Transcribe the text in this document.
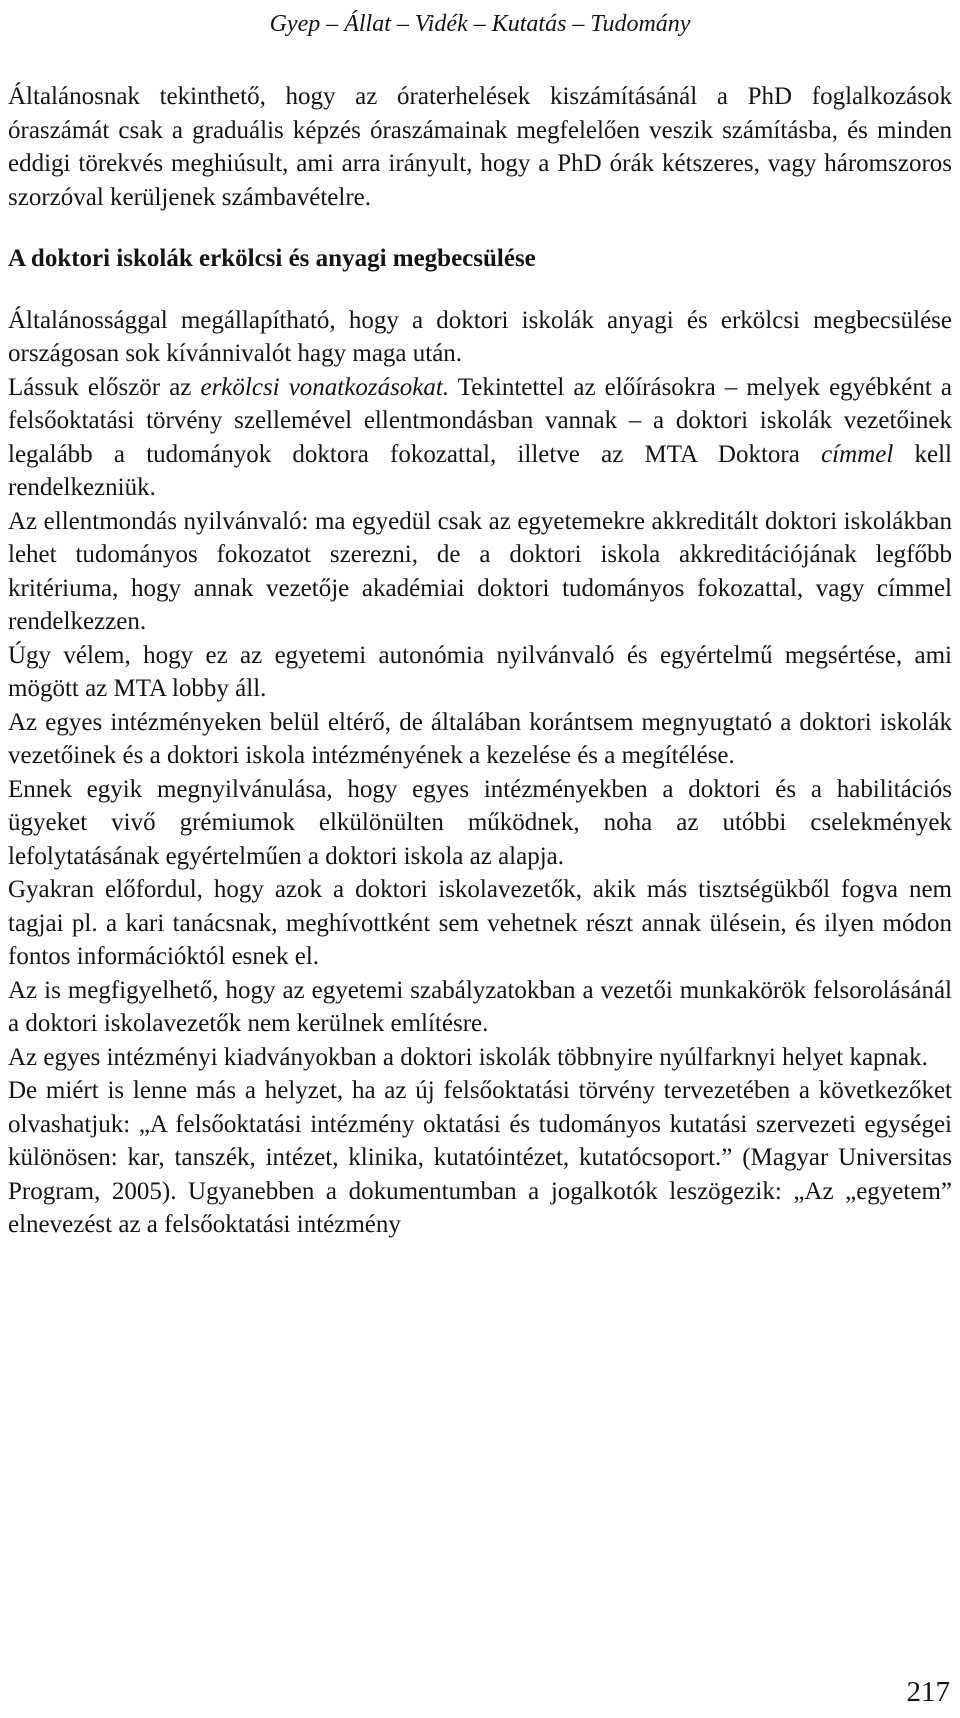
Gyep – Állat – Vidék – Kutatás – Tudomány

Általánosnak tekinthető, hogy az óraterhelések kiszámításánál a PhD foglalkozások óraszámát csak a graduális képzés óraszámainak megfelelően veszik számításba, és minden eddigi törekvés meghiúsult, ami arra irányult, hogy a PhD órák kétszeres, vagy háromszoros szorzóval kerüljenek számbavételre.

A doktori iskolák erkölcsi és anyagi megbecsülése

Általánossággal megállapítható, hogy a doktori iskolák anyagi és erkölcsi megbecsülése országosan sok kívánnivalót hagy maga után.

Lássuk először az erkölcsi vonatkozásokat. Tekintettel az előírásokra – melyek egyébként a felsőoktatási törvény szellemével ellentmondásban vannak – a doktori iskolák vezetőinek legalább a tudományok doktora fokozattal, illetve az MTA Doktora címmel kell rendelkezniük.

Az ellentmondás nyilvánvaló: ma egyedül csak az egyetemekre akkreditált doktori iskolákban lehet tudományos fokozatot szerezni, de a doktori iskola akkreditációjának legfőbb kritériuma, hogy annak vezetője akadémiai doktori tudományos fokozattal, vagy címmel rendelkezzen.

Úgy vélem, hogy ez az egyetemi autonómia nyilvánvaló és egyértelmű megsértése, ami mögött az MTA lobby áll.

Az egyes intézményeken belül eltérő, de általában korántsem megnyugtató a doktori iskolák vezetőinek és a doktori iskola intézményének a kezelése és a megítélése.

Ennek egyik megnyilvánulása, hogy egyes intézményekben a doktori és a habilitációs ügyeket vivő grémiumok elkülönülten működnek, noha az utóbbi cselekmények lefolytatásának egyértelműen a doktori iskola az alapja.

Gyakran előfordul, hogy azok a doktori iskolavezetők, akik más tisztségükből fogva nem tagjai pl. a kari tanácsnak, meghívottként sem vehetnek részt annak ülésein, és ilyen módon fontos információktól esnek el.

Az is megfigyelhető, hogy az egyetemi szabályzatokban a vezetői munkakörök felsorolásánál a doktori iskolavezetők nem kerülnek említésre.

Az egyes intézményi kiadványokban a doktori iskolák többnyire nyúlfarknyi helyet kapnak.

De miért is lenne más a helyzet, ha az új felsőoktatási törvény tervezetében a következőket olvashatjuk: „A felsőoktatási intézmény oktatási és tudományos kutatási szervezeti egységei különösen: kar, tanszék, intézet, klinika, kutatóintézet, kutatócsoport.” (Magyar Universitas Program, 2005). Ugyanebben a dokumentumban a jogalkotók leszögezik: „Az „egyetem” elnevezést az a felsőoktatási intézmény

217
